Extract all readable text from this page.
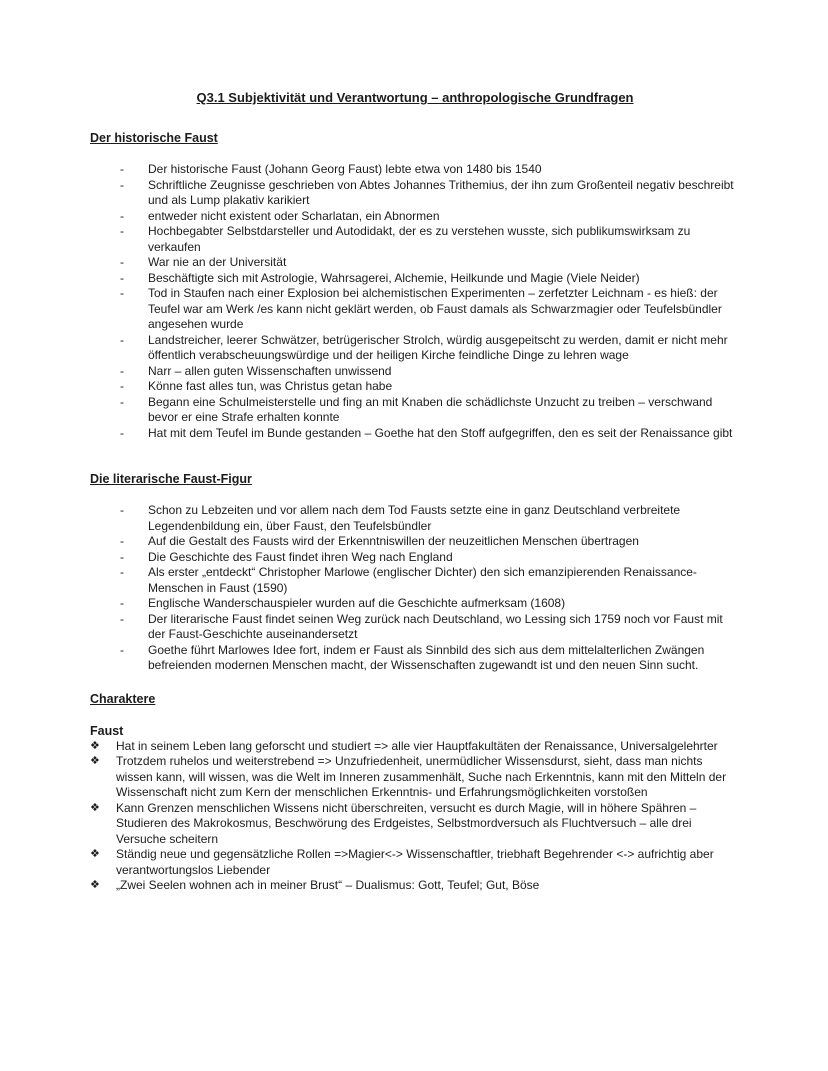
Q3.1 Subjektivität und Verantwortung – anthropologische Grundfragen
Der historische Faust
- Der historische Faust (Johann Georg Faust) lebte etwa von 1480 bis 1540
- Schriftliche Zeugnisse geschrieben von Abtes Johannes Trithemius, der ihn zum Großenteil negativ beschreibt und als Lump plakativ karikiert
- entweder nicht existent oder Scharlatan, ein Abnormen
- Hochbegabter Selbstdarsteller und Autodidakt, der es zu verstehen wusste, sich publikumswirksam zu verkaufen
- War nie an der Universität
- Beschäftigte sich mit Astrologie, Wahrsagerei, Alchemie, Heilkunde und Magie (Viele Neider)
- Tod in Staufen nach einer Explosion bei alchemistischen Experimenten – zerfetzter Leichnam - es hieß: der Teufel war am Werk /es kann nicht geklärt werden, ob Faust damals als Schwarzmagier oder Teufelsbündler angesehen wurde
- Landstreicher, leerer Schwätzer, betrügerischer Strolch, würdig ausgepeitscht zu werden, damit er nicht mehr öffentlich verabscheuungswürdige und der heiligen Kirche feindliche Dinge zu lehren wage
- Narr – allen guten Wissenschaften unwissend
- Könne fast alles tun, was Christus getan habe
- Begann eine Schulmeisterstelle und fing an mit Knaben die schädlichste Unzucht zu treiben – verschwand bevor er eine Strafe erhalten konnte
- Hat mit dem Teufel im Bunde gestanden – Goethe hat den Stoff aufgegriffen, den es seit der Renaissance gibt
Die literarische Faust-Figur
- Schon zu Lebzeiten und vor allem nach dem Tod Fausts setzte eine in ganz Deutschland verbreitete Legendenbildung ein, über Faust, den Teufelsbündler
- Auf die Gestalt des Fausts wird der Erkenntniswillen der neuzeitlichen Menschen übertragen
- Die Geschichte des Faust findet ihren Weg nach England
- Als erster „entdeckt“ Christopher Marlowe (englischer Dichter) den sich emanzipierenden Renaissance-Menschen in Faust (1590)
- Englische Wanderschauspieler wurden auf die Geschichte aufmerksam (1608)
- Der literarische Faust findet seinen Weg zurück nach Deutschland, wo Lessing sich 1759 noch vor Faust mit der Faust-Geschichte auseinandersetzt
- Goethe führt Marlowes Idee fort, indem er Faust als Sinnbild des sich aus dem mittelalterlichen Zwängen befreienden modernen Menschen macht, der Wissenschaften zugewandt ist und den neuen Sinn sucht.
Charaktere
Faust
❖ Hat in seinem Leben lang geforscht und studiert => alle vier Hauptfakultäten der Renaissance, Universalgelehrter
❖ Trotzdem ruhelos und weiterstrebend => Unzufriedenheit, unermüdlicher Wissensdurst, sieht, dass man nichts wissen kann, will wissen, was die Welt im Inneren zusammenhält, Suche nach Erkenntnis, kann mit den Mitteln der Wissenschaft nicht zum Kern der menschlichen Erkenntnis- und Erfahrungsmöglichkeiten vorstoßen
❖ Kann Grenzen menschlichen Wissens nicht überschreiten, versucht es durch Magie, will in höhere Spähren – Studieren des Makrokosmus, Beschwörung des Erdgeistes, Selbstmordversuch als Fluchtversuch – alle drei Versuche scheitern
❖ Ständig neue und gegensätzliche Rollen =>Magier<-> Wissenschaftler, triebhaft Begehrender <-> aufrichtig aber verantwortungslos Liebender
❖ „Zwei Seelen wohnen ach in meiner Brust“ – Dualismus: Gott, Teufel; Gut, Böse
